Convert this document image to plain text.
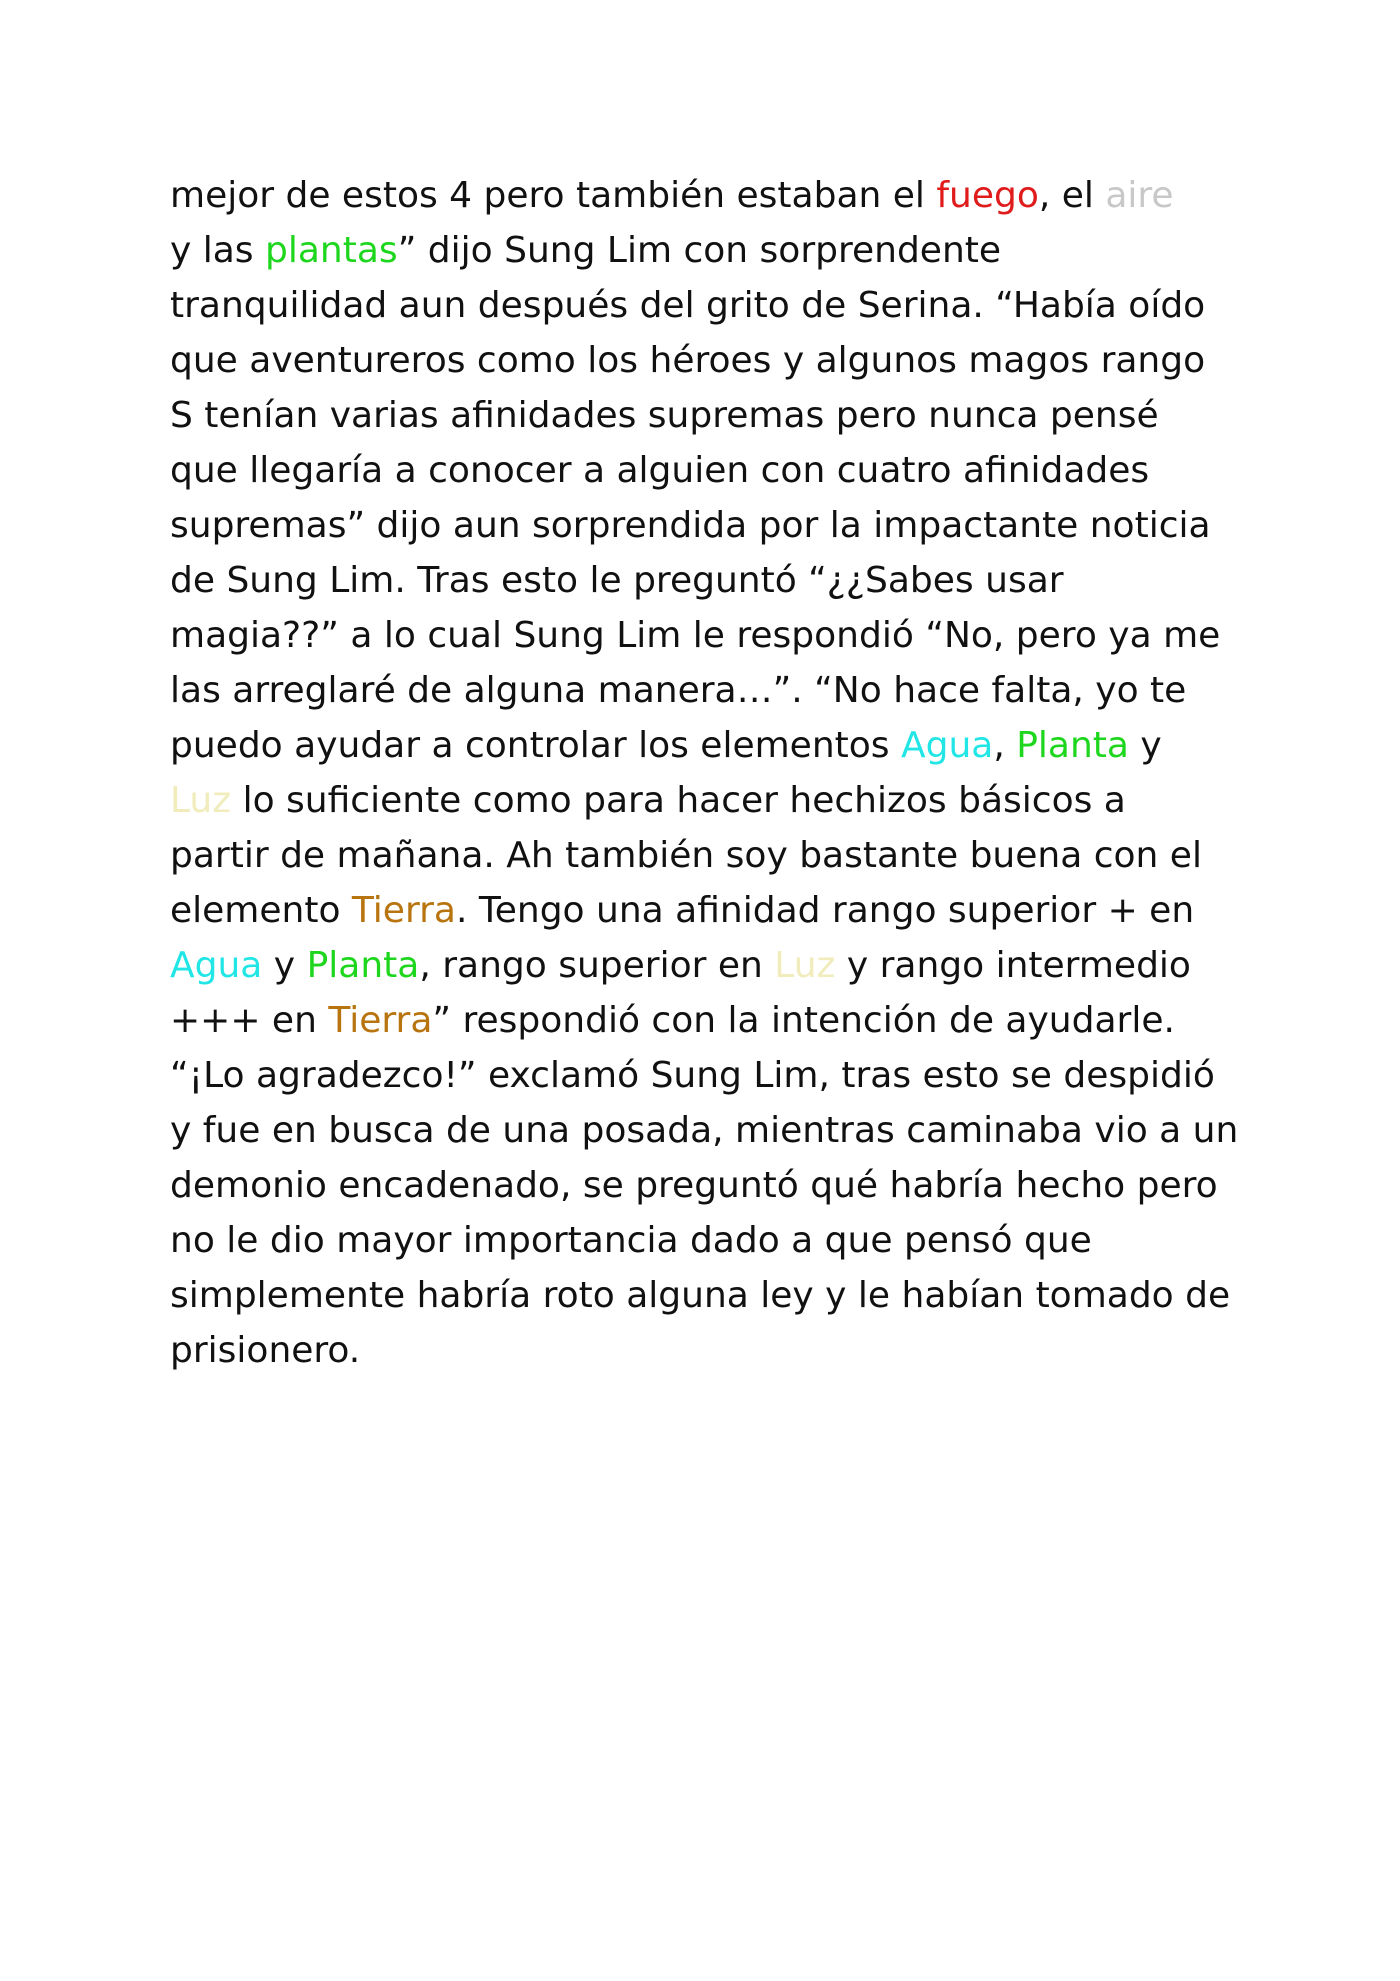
mejor de estos 4 pero también estaban el fuego, el aire
y las plantas” dijo Sung Lim con sorprendente
tranquilidad aun después del grito de Serina. “Había oído
que aventureros como los héroes y algunos magos rango
S tenían varias afinidades supremas pero nunca pensé
que llegaría a conocer a alguien con cuatro afinidades
supremas” dijo aun sorprendida por la impactante noticia
de Sung Lim. Tras esto le preguntó “¿¿Sabes usar
magia??” a lo cual Sung Lim le respondió “No, pero ya me
las arreglaré de alguna manera…”. “No hace falta, yo te
puedo ayudar a controlar los elementos Agua, Planta y
Luz lo suficiente como para hacer hechizos básicos a
partir de mañana. Ah también soy bastante buena con el
elemento Tierra. Tengo una afinidad rango superior + en
Agua y Planta, rango superior en Luz y rango intermedio
+++ en Tierra” respondió con la intención de ayudarle.
“¡Lo agradezco!” exclamó Sung Lim, tras esto se despidió
y fue en busca de una posada, mientras caminaba vio a un
demonio encadenado, se preguntó qué habría hecho pero
no le dio mayor importancia dado a que pensó que
simplemente habría roto alguna ley y le habían tomado de
prisionero.
